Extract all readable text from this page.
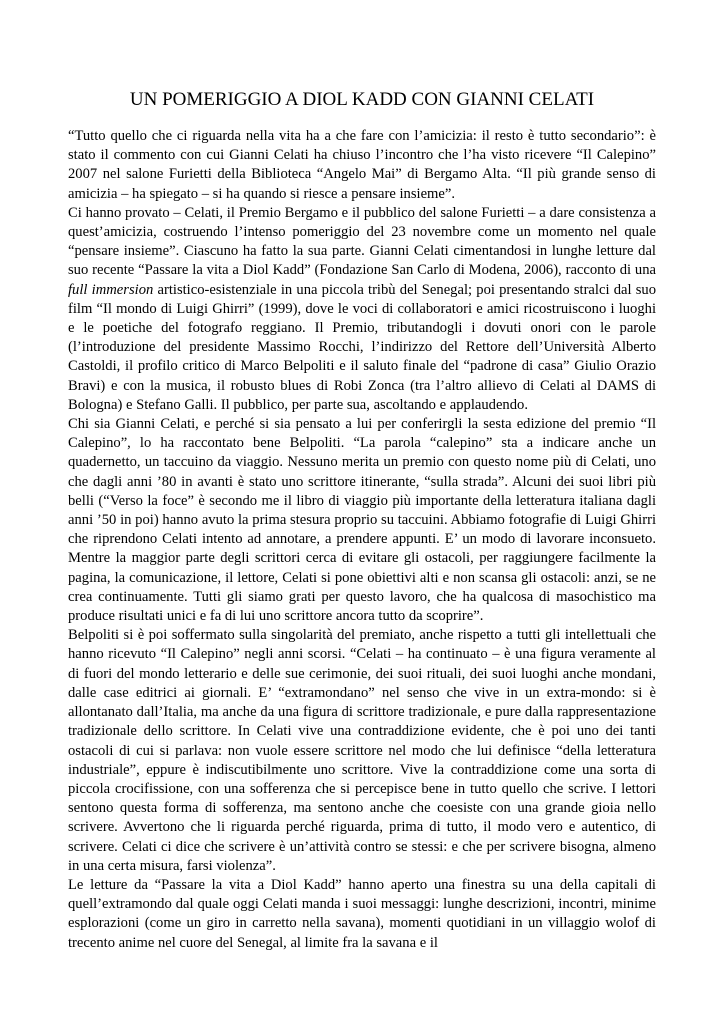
UN POMERIGGIO A DIOL KADD CON GIANNI CELATI

“Tutto quello che ci riguarda nella vita ha a che fare con l’amicizia: il resto è tutto secondario”: è stato il commento con cui Gianni Celati ha chiuso l’incontro che l’ha visto ricevere “Il Calepino” 2007 nel salone Furietti della Biblioteca “Angelo Mai” di Bergamo Alta. “Il più grande senso di amicizia – ha spiegato – si ha quando si riesce a pensare insieme”.

Ci hanno provato – Celati, il Premio Bergamo e il pubblico del salone Furietti – a dare consistenza a quest’amicizia, costruendo l’intenso pomeriggio del 23 novembre come un momento nel quale “pensare insieme”. Ciascuno ha fatto la sua parte. Gianni Celati cimentandosi in lunghe letture dal suo recente “Passare la vita a Diol Kadd” (Fondazione San Carlo di Modena, 2006), racconto di una full immersion artistico-esistenziale in una piccola tribù del Senegal; poi presentando stralci dal suo film “Il mondo di Luigi Ghirri” (1999), dove le voci di collaboratori e amici ricostruiscono i luoghi e le poetiche del fotografo reggiano. Il Premio, tributandogli i dovuti onori con le parole (l’introduzione del presidente Massimo Rocchi, l’indirizzo del Rettore dell’Università Alberto Castoldi, il profilo critico di Marco Belpoliti e il saluto finale del “padrone di casa” Giulio Orazio Bravi) e con la musica, il robusto blues di Robi Zonca (tra l’altro allievo di Celati al DAMS di Bologna) e Stefano Galli. Il pubblico, per parte sua, ascoltando e applaudendo.

Chi sia Gianni Celati, e perché si sia pensato a lui per conferirgli la sesta edizione del premio “Il Calepino”, lo ha raccontato bene Belpoliti. “La parola “calepino” sta a indicare anche un quadernetto, un taccuino da viaggio. Nessuno merita un premio con questo nome più di Celati, uno che dagli anni ’80 in avanti è stato uno scrittore itinerante, “sulla strada”. Alcuni dei suoi libri più belli (“Verso la foce” è secondo me il libro di viaggio più importante della letteratura italiana dagli anni ’50 in poi) hanno avuto la prima stesura proprio su taccuini. Abbiamo fotografie di Luigi Ghirri che riprendono Celati intento ad annotare, a prendere appunti. E’ un modo di lavorare inconsueto. Mentre la maggior parte degli scrittori cerca di evitare gli ostacoli, per raggiungere facilmente la pagina, la comunicazione, il lettore, Celati si pone obiettivi alti e non scansa gli ostacoli: anzi, se ne crea continuamente. Tutti gli siamo grati per questo lavoro, che ha qualcosa di masochistico ma produce risultati unici e fa di lui uno scrittore ancora tutto da scoprire”.

Belpoliti si è poi soffermato sulla singolarità del premiato, anche rispetto a tutti gli intellettuali che hanno ricevuto “Il Calepino” negli anni scorsi. “Celati – ha continuato – è una figura veramente al di fuori del mondo letterario e delle sue cerimonie, dei suoi rituali, dei suoi luoghi anche mondani, dalle case editrici ai giornali. E’ “extramondano” nel senso che vive in un extra-mondo: si è allontanato dall’Italia, ma anche da una figura di scrittore tradizionale, e pure dalla rappresentazione tradizionale dello scrittore. In Celati vive una contraddizione evidente, che è poi uno dei tanti ostacoli di cui si parlava: non vuole essere scrittore nel modo che lui definisce “della letteratura industriale”, eppure è indiscutibilmente uno scrittore. Vive la contraddizione come una sorta di piccola crocifissione, con una sofferenza che si percepisce bene in tutto quello che scrive. I lettori sentono questa forma di sofferenza, ma sentono anche che coesiste con una grande gioia nello scrivere. Avvertono che li riguarda perché riguarda, prima di tutto, il modo vero e autentico, di scrivere. Celati ci dice che scrivere è un’attività contro se stessi: e che per scrivere bisogna, almeno in una certa misura, farsi violenza”.

Le letture da “Passare la vita a Diol Kadd” hanno aperto una finestra su una della capitali di quell’extramondo dal quale oggi Celati manda i suoi messaggi: lunghe descrizioni, incontri, minime esplorazioni (come un giro in carretto nella savana), momenti quotidiani in un villaggio wolof di trecento anime nel cuore del Senegal, al limite fra la savana e il
